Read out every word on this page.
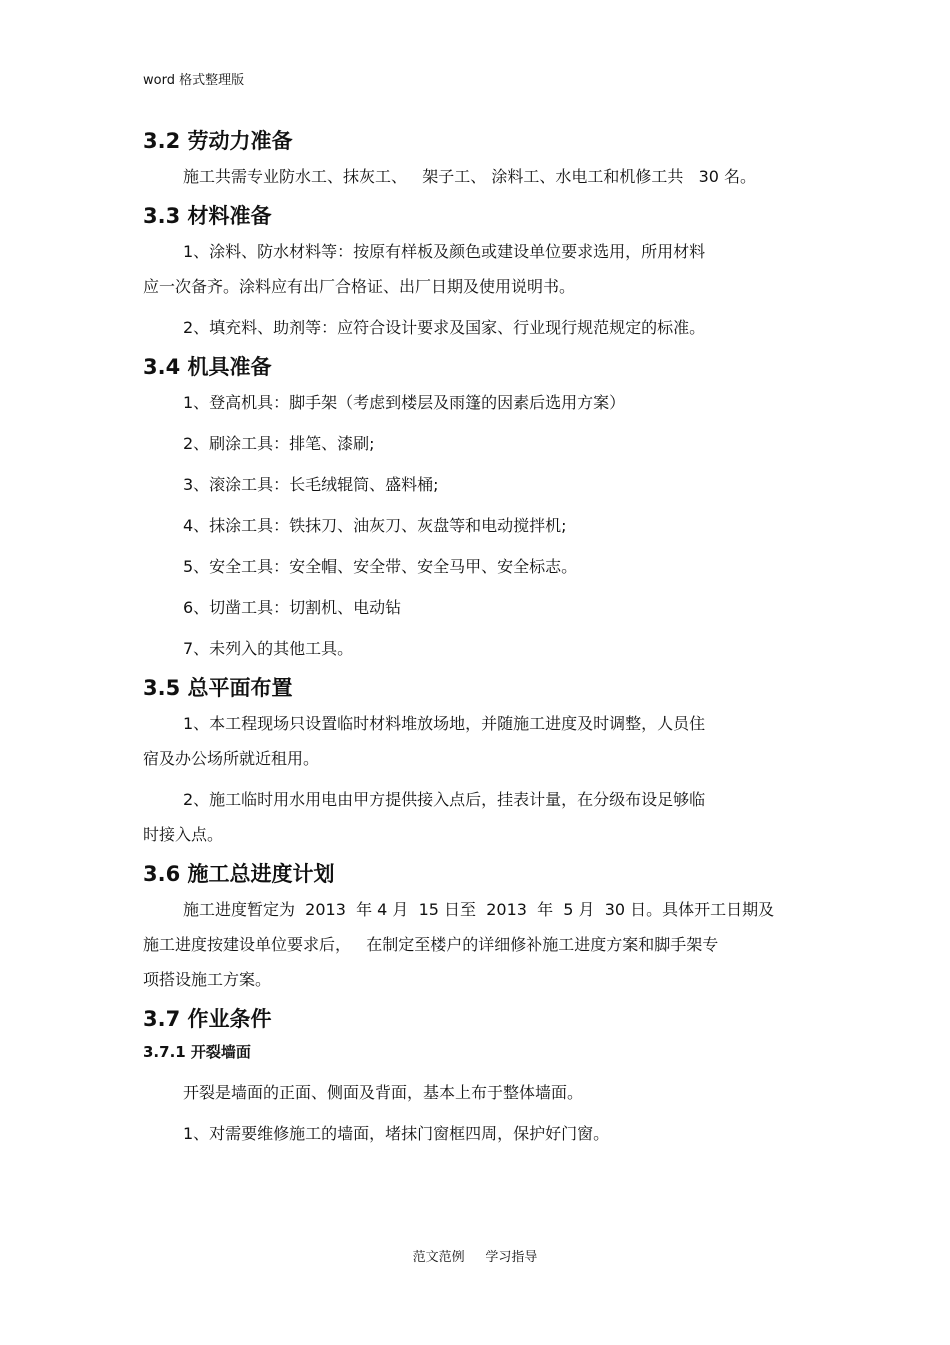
word 格式整理版
3.2 劳动力准备

施工共需专业防水工、抹灰工、   架子工、 涂料工、水电工和机修工共   30 名。

3.3 材料准备

1、涂料、防水材料等：按原有样板及颜色或建设单位要求选用，所用材料

应一次备齐。涂料应有出厂合格证、出厂日期及使用说明书。

2、填充料、助剂等：应符合设计要求及国家、行业现行规范规定的标准。

3.4 机具准备

1、登高机具：脚手架（考虑到楼层及雨篷的因素后选用方案）

2、刷涂工具：排笔、漆刷;

3、滚涂工具：长毛绒辊筒、盛料桶;

4、抹涂工具：铁抹刀、油灰刀、灰盘等和电动搅拌机;

5、安全工具：安全帽、安全带、安全马甲、安全标志。

6、切凿工具：切割机、电动钻

7、未列入的其他工具。

3.5 总平面布置

1、本工程现场只设置临时材料堆放场地，并随施工进度及时调整，人员住

宿及办公场所就近租用。

2、施工临时用水用电由甲方提供接入点后，挂表计量，在分级布设足够临

时接入点。

3.6 施工总进度计划

施工进度暂定为  2013  年 4 月  15 日至  2013  年  5 月  30 日。具体开工日期及

施工进度按建设单位要求后，   在制定至楼户的详细修补施工进度方案和脚手架专

项搭设施工方案。

3.7 作业条件
3.7.1 开裂墙面

开裂是墙面的正面、侧面及背面，基本上布于整体墙面。

1、对需要维修施工的墙面，堵抹门窗框四周，保护好门窗。

范文范例     学习指导
